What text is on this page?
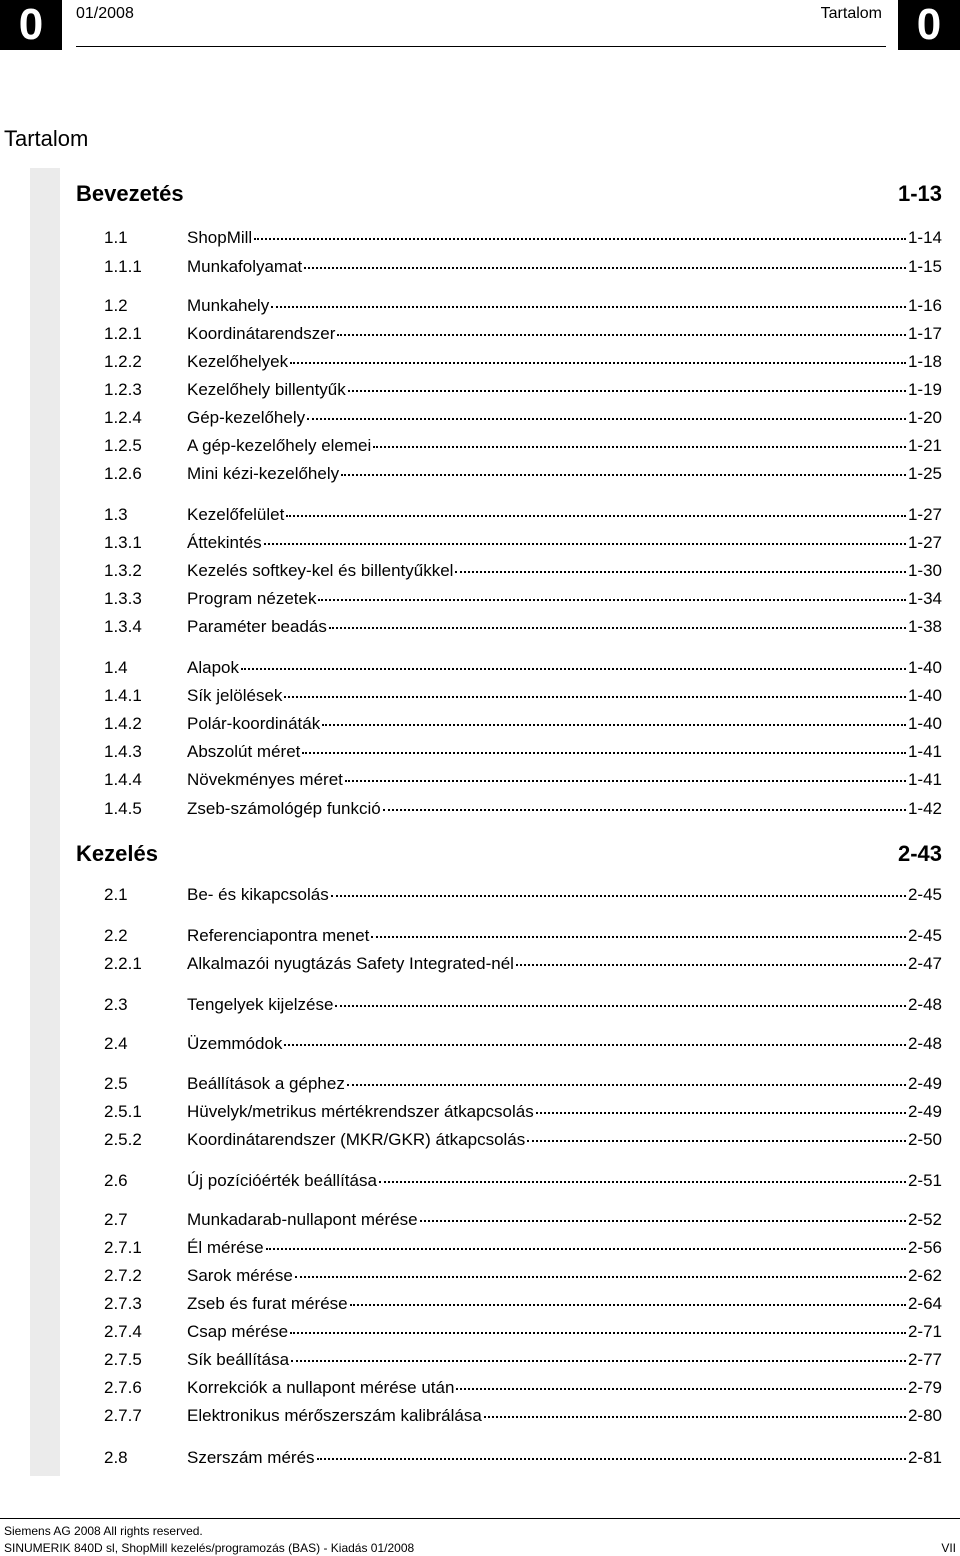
0	0
01/2008	Tartalom
Tartalom
Bevezetés	1-13
1.1	ShopMill	1-14
1.1.1	Munkafolyamat	1-15
1.2	Munkahely	1-16
1.2.1	Koordinátarendszer	1-17
1.2.2	Kezelőhelyek	1-18
1.2.3	Kezelőhely billentyűk	1-19
1.2.4	Gép-kezelőhely	1-20
1.2.5	A gép-kezelőhely elemei	1-21
1.2.6	Mini kézi-kezelőhely	1-25
1.3	Kezelőfelület	1-27
1.3.1	Áttekintés	1-27
1.3.2	Kezelés softkey-kel és billentyűkkel	1-30
1.3.3	Program nézetek	1-34
1.3.4	Paraméter beadás	1-38
1.4	Alapok	1-40
1.4.1	Sík jelölések	1-40
1.4.2	Polár-koordináták	1-40
1.4.3	Abszolút méret	1-41
1.4.4	Növekményes méret	1-41
1.4.5	Zseb-számológép funkció	1-42
Kezelés	2-43
2.1	Be- és kikapcsolás	2-45
2.2	Referenciapontra menet	2-45
2.2.1	Alkalmazói nyugtázás Safety Integrated-nél	2-47
2.3	Tengelyek kijelzése	2-48
2.4	Üzemmódok	2-48
2.5	Beállítások a géphez	2-49
2.5.1	Hüvelyk/metrikus mértékrendszer átkapcsolás	2-49
2.5.2	Koordinátarendszer (MKR/GKR) átkapcsolás	2-50
2.6	Új pozícióérték beállítása	2-51
2.7	Munkadarab-nullapont mérése	2-52
2.7.1	Él mérése	2-56
2.7.2	Sarok mérése	2-62
2.7.3	Zseb és furat mérése	2-64
2.7.4	Csap mérése	2-71
2.7.5	Sík beállítása	2-77
2.7.6	Korrekciók a nullapont mérése után	2-79
2.7.7	Elektronikus mérőszerszám kalibrálása	2-80
2.8	Szerszám mérés	2-81
Siemens AG 2008 All rights reserved.
SINUMERIK 840D sl, ShopMill kezelés/programozás (BAS) - Kiadás 01/2008	VII
